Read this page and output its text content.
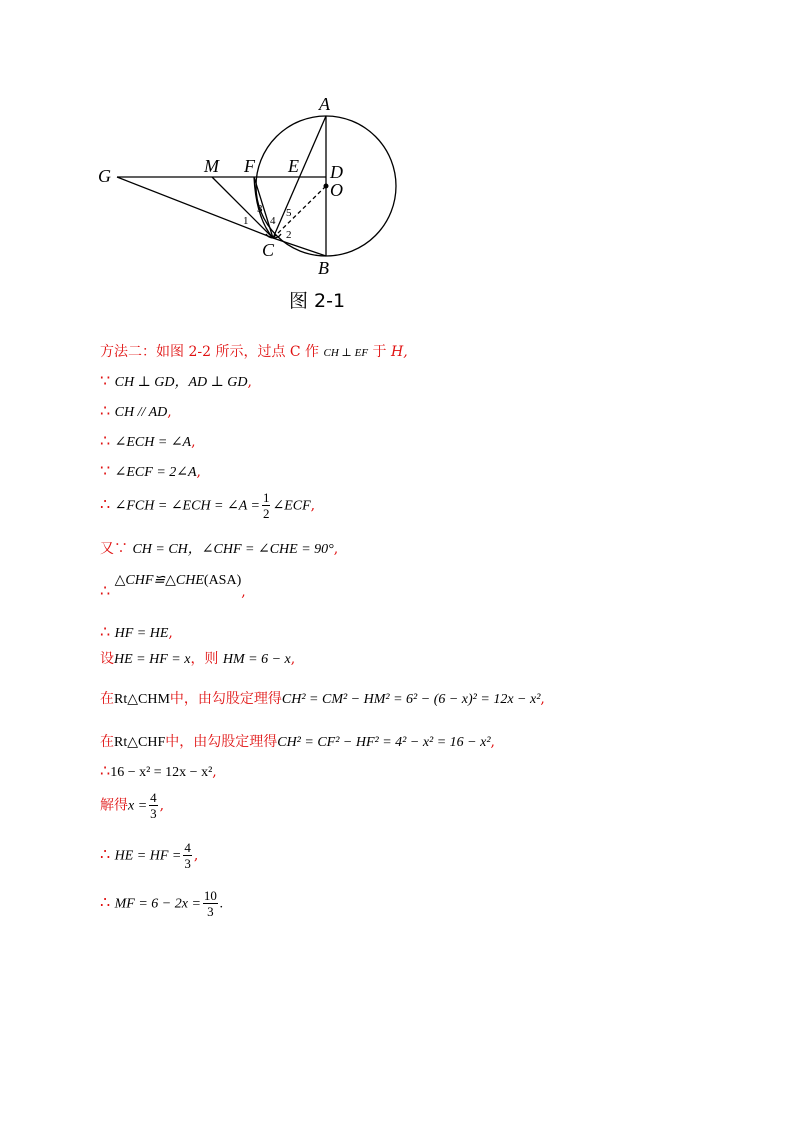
A
G	M F E D
O
C
B
1
3
4
5
2
图 2-1
方法二：如图 2-2 所示，过点 C 作 CH ⊥ EF 于 H,
∵ CH ⊥ GD，AD ⊥ GD,
∴ CH // AD,
∴ ∠ECH = ∠A,
∵ ∠ECF = 2∠A,
∴ ∠FCH = ∠ECH = ∠A = $\frac{1}{2}$ ∠ECF,
又∵ CH = CH，∠CHF = ∠CHE = 90°,
∴ △CHF≌△CHE(ASA),
∴ HF = HE,
设HE = HF = x，则 HM = 6 − x,
在Rt△CHM中，由勾股定理得CH² = CM² − HM² = 6² − (6 − x)² = 12x − x²,
在Rt△CHF中，由勾股定理得CH² = CF² − HF² = 4² − x² = 16 − x²,
∴16 − x² = 12x − x²,
解得$x = \frac{4}{3}$ ,
∴ HE = HF = $\frac{4}{3}$ ,
∴ MF = $6 - 2x = \frac{10}{3}$ .
